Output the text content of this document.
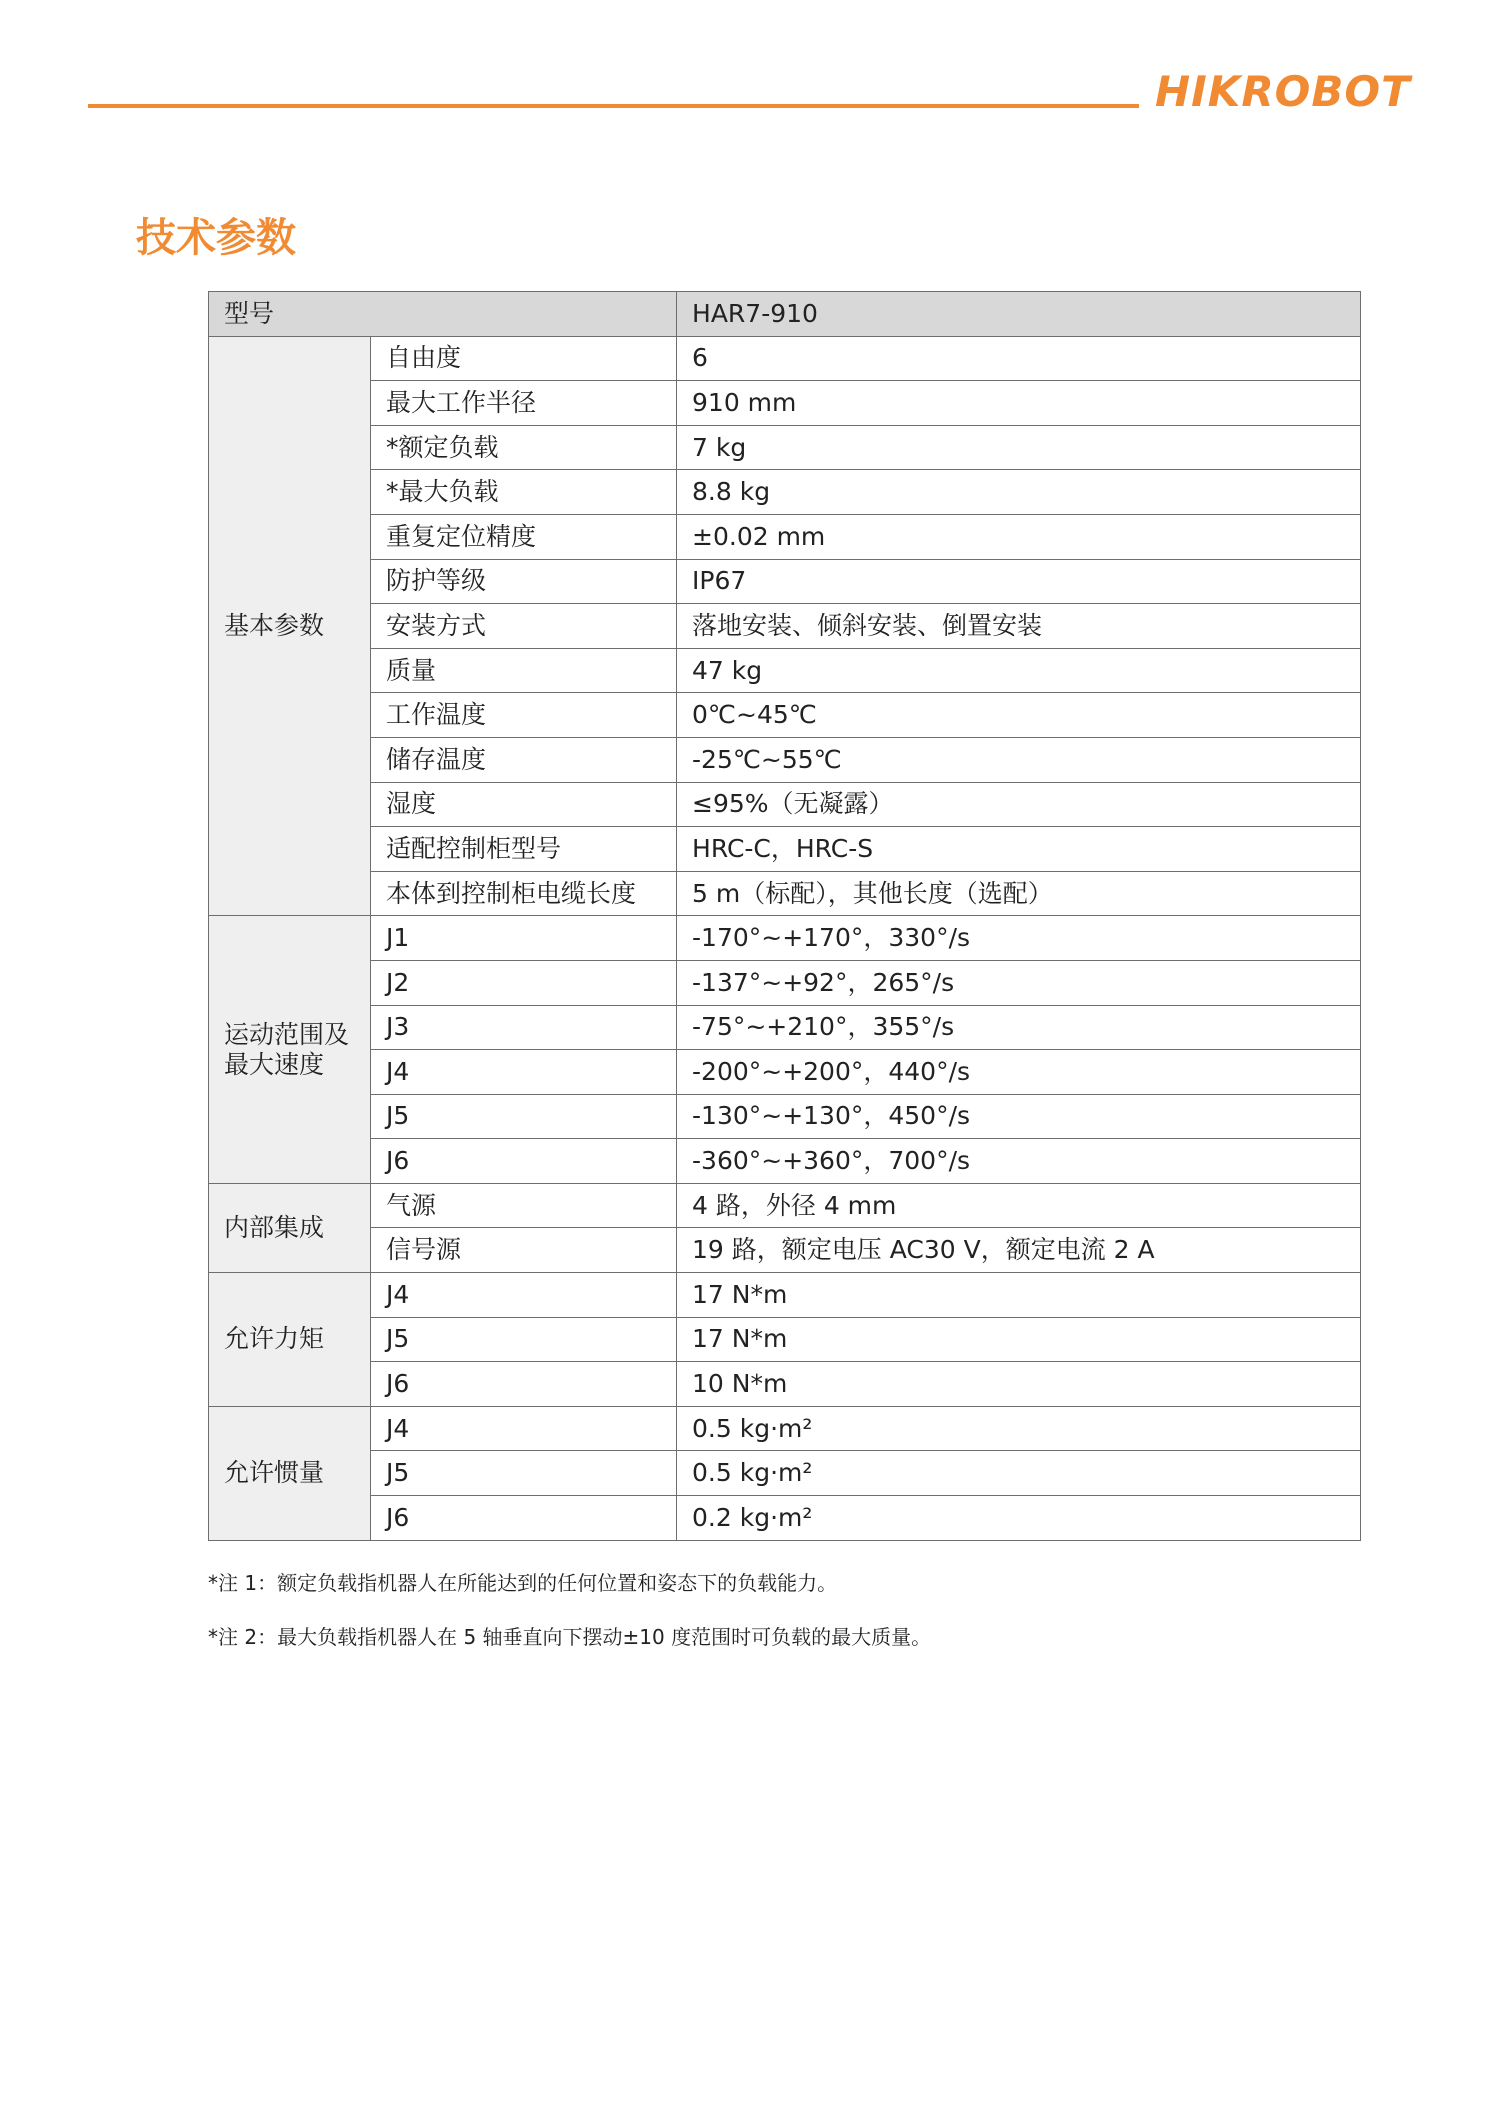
HIKROBOT
技术参数
型号		HAR7-910

基本参数	自由度	6
	最大工作半径	910 mm
	*额定负载	7 kg
	*最大负载	8.8 kg
	重复定位精度	±0.02 mm
	防护等级	IP67
	安装方式	落地安装、倾斜安装、倒置安装
	质量	47 kg
	工作温度	0℃~45℃
	储存温度	-25℃~55℃
	湿度	≤95%（无凝露）
	适配控制柜型号	HRC-C，HRC-S
	本体到控制柜电缆长度	5 m（标配），其他长度（选配）

运动范围及
最大速度	J1	-170°~+170°，330°/s
	J2	-137°~+92°，265°/s
	J3	-75°~+210°，355°/s
	J4	-200°~+200°，440°/s
	J5	-130°~+130°，450°/s
	J6	-360°~+360°，700°/s

内部集成	气源	4 路，外径 4 mm
	信号源	19 路，额定电压 AC30 V，额定电流 2 A

允许力矩	J4	17 N*m
	J5	17 N*m
	J6	10 N*m

允许惯量	J4	0.5 kg·m²
	J5	0.5 kg·m²
	J6	0.2 kg·m²

*注 1：额定负载指机器人在所能达到的任何位置和姿态下的负载能力。

*注 2：最大负载指机器人在 5 轴垂直向下摆动±10 度范围时可负载的最大质量。
